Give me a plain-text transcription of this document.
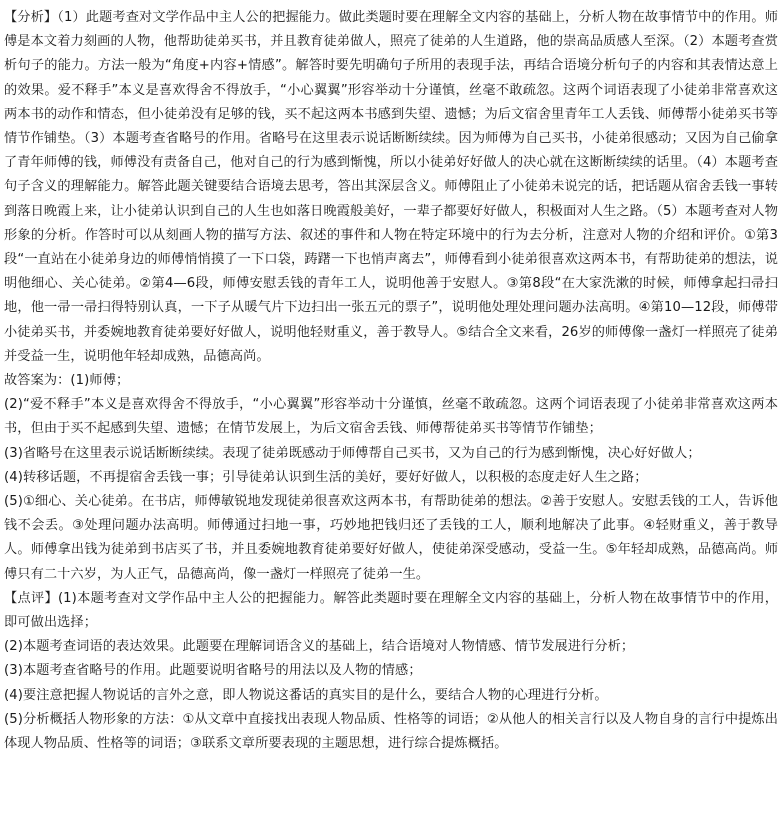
【分析】（1）此题考查对文学作品中主人公的把握能力。做此类题时要在理解全文内容的基础上，分析人物在故事情节中的作用。师傅是本文着力刻画的人物，他帮助徒弟买书，并且教育徒弟做人，照亮了徒弟的人生道路，他的崇高品质感人至深。（2）本题考查赏析句子的能力。方法一般为“角度+内容+情感”。解答时要先明确句子所用的表现手法，再结合语境分析句子的内容和其表情达意上的效果。爱不释手”本义是喜欢得舍不得放手，“小心翼翼”形容举动十分谨慎，丝毫不敢疏忽。这两个词语表现了小徒弟非常喜欢这两本书的动作和情态，但小徒弟没有足够的钱，买不起这两本书感到失望、遗憾；为后文宿舍里青年工人丢钱、师傅帮小徒弟买书等情节作铺垫。（3）本题考查省略号的作用。省略号在这里表示说话断断续续。因为师傅为自己买书，小徒弟很感动；又因为自己偷拿了青年师傅的钱，师傅没有责备自己，他对自己的行为感到惭愧，所以小徒弟好好做人的决心就在这断断续续的话里。（4）本题考查句子含义的理解能力。解答此题关键要结合语境去思考，答出其深层含义。师傅阻止了小徒弟未说完的话，把话题从宿舍丢钱一事转到落日晚霞上来，让小徒弟认识到自己的人生也如落日晚霞般美好，一辈子都要好好做人，积极面对人生之路。（5）本题考查对人物形象的分析。作答时可以从刻画人物的描写方法、叙述的事件和人物在特定环境中的行为去分析，注意对人物的介绍和评价。①第3段“一直站在小徒弟身边的师傅悄悄摸了一下口袋，踌躇一下也悄声离去”，师傅看到小徒弟很喜欢这两本书，有帮助徒弟的想法，说明他细心、关心徒弟。②第4—6段，师傅安慰丢钱的青年工人，说明他善于安慰人。③第8段“在大家洗漱的时候，师傅拿起扫帚扫地，他一帚一帚扫得特别认真，一下子从暖气片下边扫出一张五元的票子”，说明他处理处理问题办法高明。④第10—12段，师傅带小徒弟买书，并委婉地教育徒弟要好好做人，说明他轻财重义，善于教导人。⑤结合全文来看，26岁的师傅像一盏灯一样照亮了徒弟并受益一生，说明他年轻却成熟，品德高尚。

故答案为：(1)师傅；

(2)“爱不释手”本义是喜欢得舍不得放手，“小心翼翼”形容举动十分谨慎，丝毫不敢疏忽。这两个词语表现了小徒弟非常喜欢这两本书，但由于买不起感到失望、遗憾；在情节发展上，为后文宿舍丢钱、师傅帮徒弟买书等情节作铺垫；

(3)省略号在这里表示说话断断续续。表现了徒弟既感动于师傅帮自己买书，又为自己的行为感到惭愧，决心好好做人；

(4)转移话题，不再提宿舍丢钱一事；引导徒弟认识到生活的美好，要好好做人，以积极的态度走好人生之路；

(5)①细心、关心徒弟。在书店，师傅敏锐地发现徒弟很喜欢这两本书，有帮助徒弟的想法。②善于安慰人。安慰丢钱的工人，告诉他钱不会丢。③处理问题办法高明。师傅通过扫地一事，巧妙地把钱归还了丢钱的工人，顺利地解决了此事。④轻财重义，善于教导人。师傅拿出钱为徒弟到书店买了书，并且委婉地教育徒弟要好好做人，使徒弟深受感动，受益一生。⑤年轻却成熟，品德高尚。师傅只有二十六岁，为人正气，品德高尚，像一盏灯一样照亮了徒弟一生。

【点评】(1)本题考查对文学作品中主人公的把握能力。解答此类题时要在理解全文内容的基础上，分析人物在故事情节中的作用，即可做出选择；

(2)本题考查词语的表达效果。此题要在理解词语含义的基础上，结合语境对人物情感、情节发展进行分析；

(3)本题考查省略号的作用。此题要说明省略号的用法以及人物的情感；

(4)要注意把握人物说话的言外之意，即人物说这番话的真实目的是什么，要结合人物的心理进行分析。

(5)分析概括人物形象的方法：①从文章中直接找出表现人物品质、性格等的词语；②从他人的相关言行以及人物自身的言行中提炼出体现人物品质、性格等的词语；③联系文章所要表现的主题思想，进行综合提炼概括。
